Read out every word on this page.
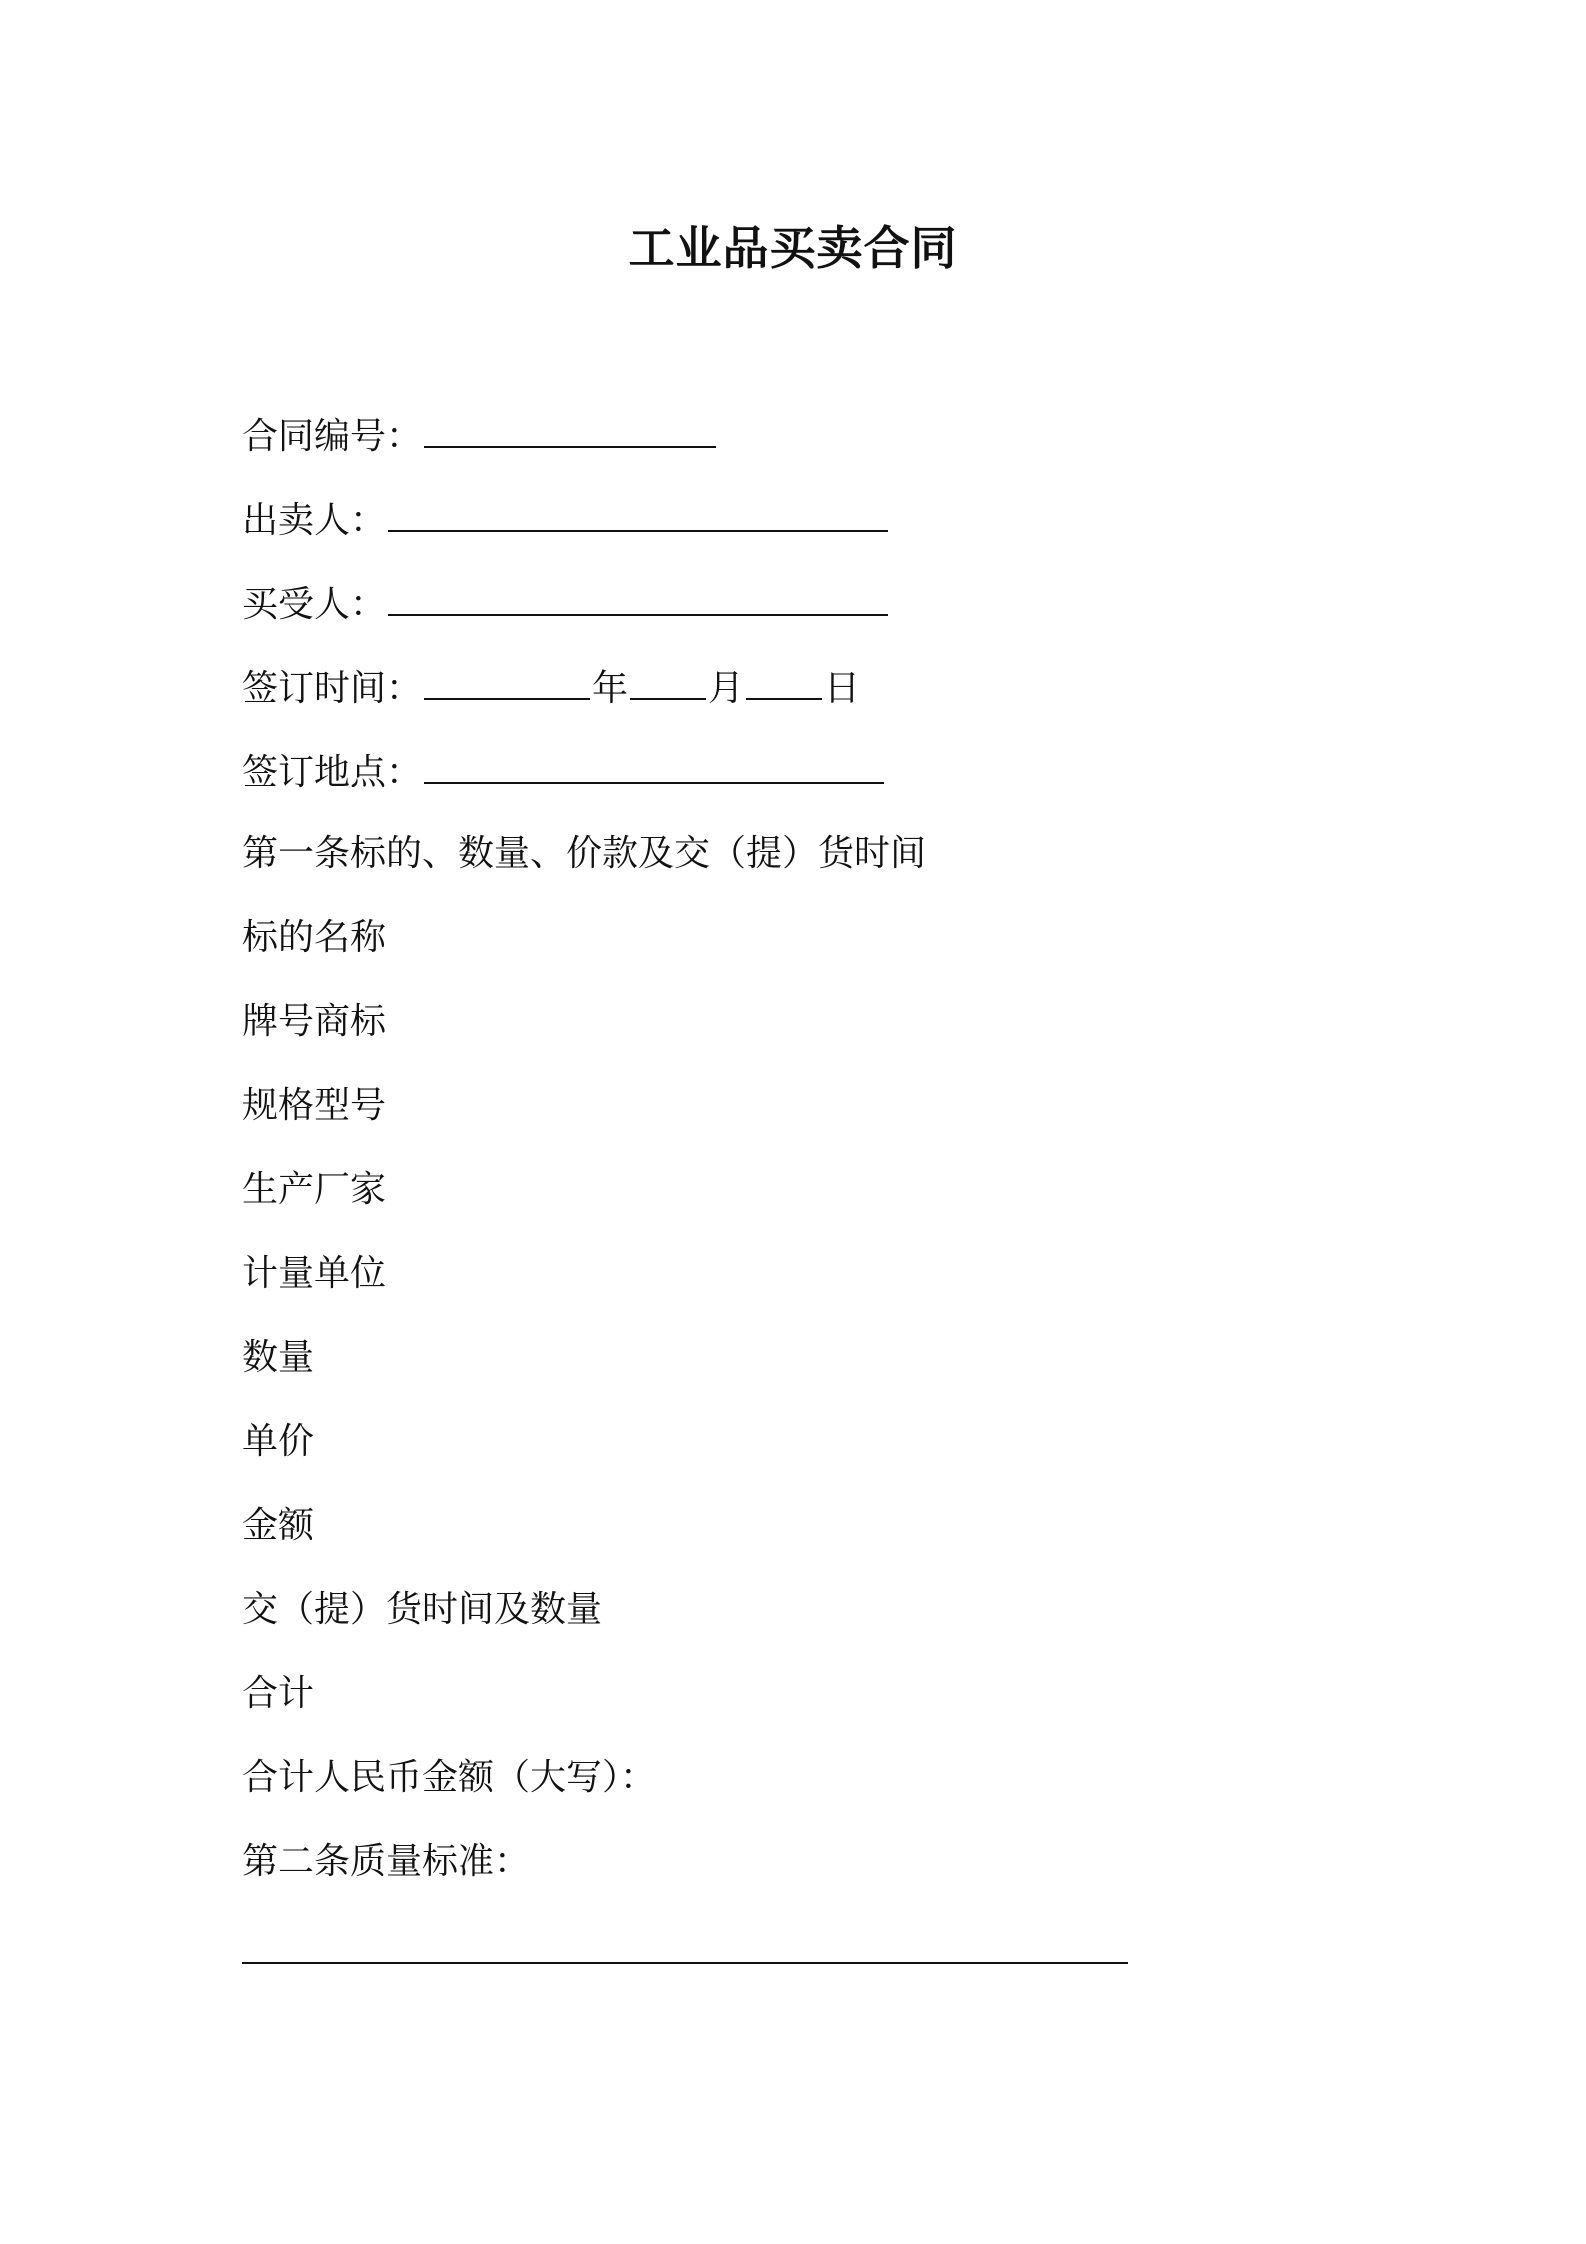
工业品买卖合同
合同编号：
出卖人：
买受人：
签订时间：	年 月 日
签订地点：
第一条标的、数量、价款及交（提）货时间
标的名称
牌号商标
规格型号
生产厂家
计量单位
数量
单价
金额
交（提）货时间及数量
合计
合计人民币金额（大写）：
第二条质量标准：
